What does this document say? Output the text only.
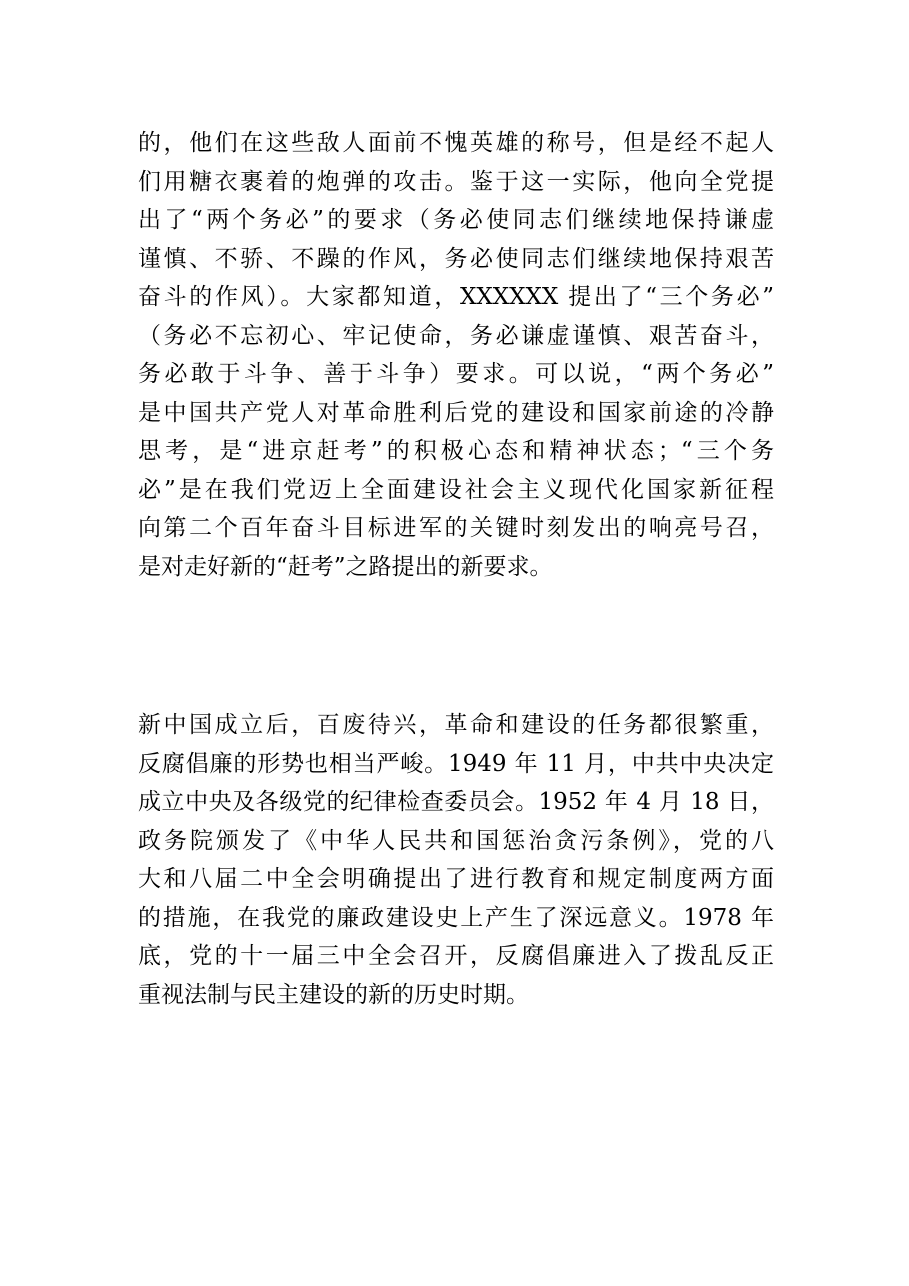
的，他们在这些敌人面前不愧英雄的称号，但是经不起人
们用糖衣裹着的炮弹的攻击。鉴于这一实际，他向全党提
出了“两个务必”的要求（务必使同志们继续地保持谦虚
谨慎、不骄、不躁的作风，务必使同志们继续地保持艰苦
奋斗的作风）。大家都知道，XXXXXX 提出了“三个务必”
（务必不忘初心、牢记使命，务必谦虚谨慎、艰苦奋斗，
务必敢于斗争、善于斗争）要求。可以说，“两个务必”
是中国共产党人对革命胜利后党的建设和国家前途的冷静
思考，是“进京赶考”的积极心态和精神状态；“三个务
必”是在我们党迈上全面建设社会主义现代化国家新征程
向第二个百年奋斗目标进军的关键时刻发出的响亮号召，
是对走好新的“赶考”之路提出的新要求。
新中国成立后，百废待兴，革命和建设的任务都很繁重，
反腐倡廉的形势也相当严峻。1949 年 11 月，中共中央决定
成立中央及各级党的纪律检查委员会。1952 年 4 月 18 日，
政务院颁发了《中华人民共和国惩治贪污条例》，党的八
大和八届二中全会明确提出了进行教育和规定制度两方面
的措施，在我党的廉政建设史上产生了深远意义。1978 年
底，党的十一届三中全会召开，反腐倡廉进入了拨乱反正
重视法制与民主建设的新的历史时期。
